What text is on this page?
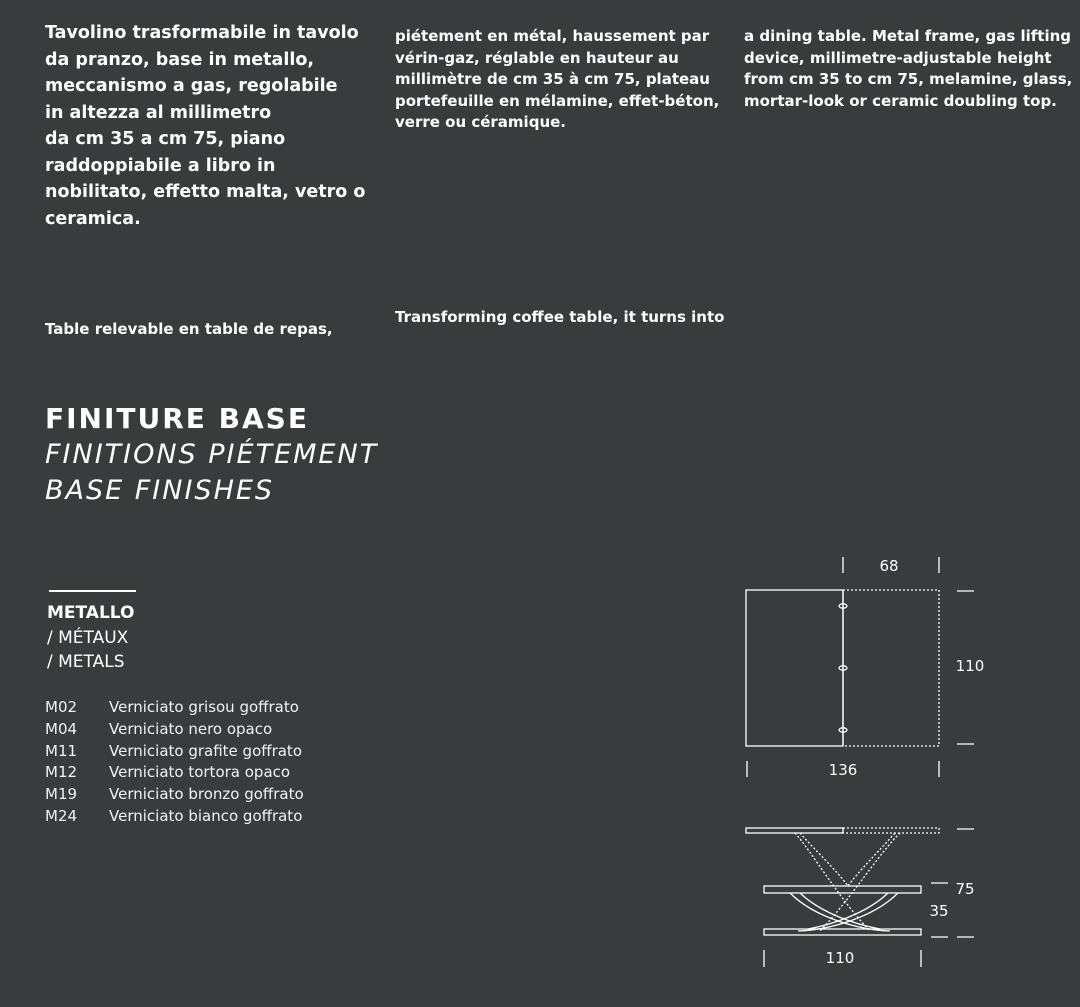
Tavolino trasformabile in tavolo
da pranzo, base in metallo,
meccanismo a gas, regolabile
in altezza al millimetro
da cm 35 a cm 75, piano
raddoppiabile a libro in
nobilitato, effetto malta, vetro o
ceramica.
piétement en métal, haussement par
vérin-gaz, réglable en hauteur au
millimètre de cm 35 à cm 75, plateau
portefeuille en mélamine, effet-béton,
verre ou céramique.
a dining table. Metal frame, gas lifting
device, millimetre-adjustable height
from cm 35 to cm 75, melamine, glass,
mortar-look or ceramic doubling top.
Table relevable en table de repas,
Transforming coffee table, it turns into
FINITURE BASE
FINITIONS PIÉTEMENT
BASE FINISHES
METALLO
/ MÉTAUX
/ METALS
M02	Verniciato grisou goffrato
M04	Verniciato nero opaco
M11	Verniciato grafite goffrato
M12	Verniciato tortora opaco
M19	Verniciato bronzo goffrato
M24	Verniciato bianco goffrato
68
110
136
75
35
110
